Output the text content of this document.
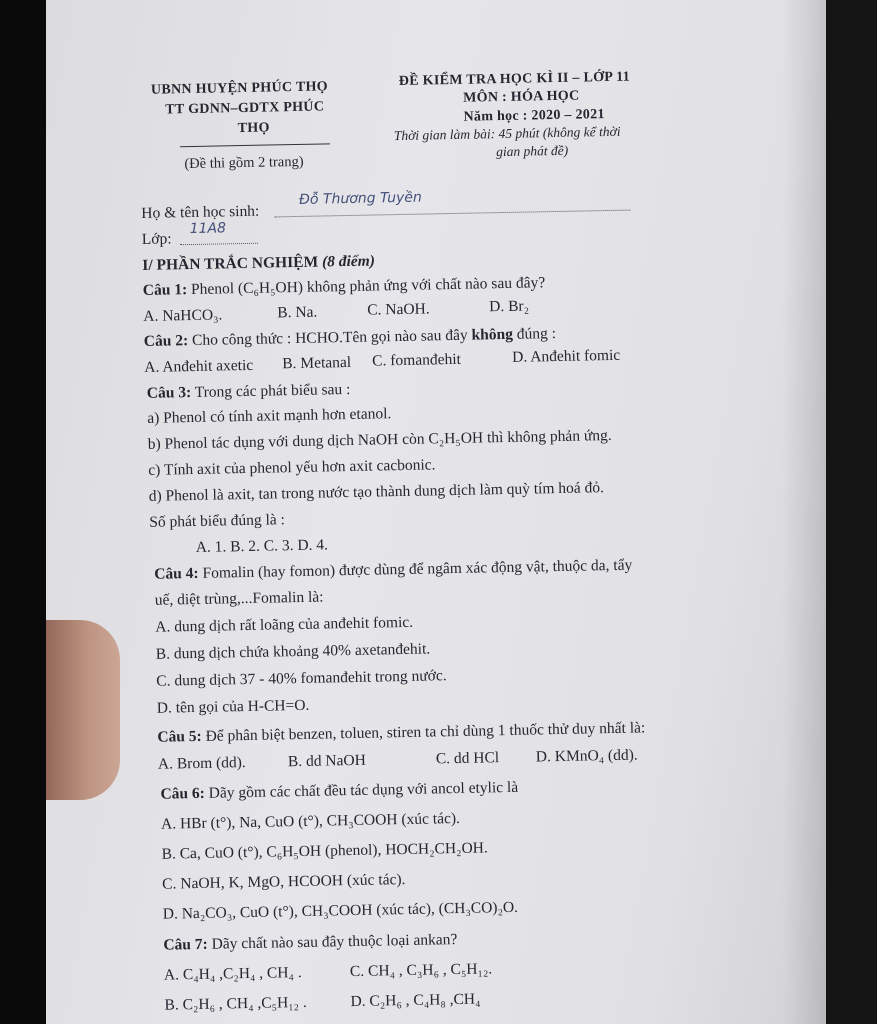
UBNN HUYỆN PHÚC THỌ
TT GDNN–GDTX PHÚC
THỌ
(Đề thi gồm 2 trang)
ĐỀ KIỂM TRA HỌC KÌ II – LỚP 11
MÔN : HÓA HỌC
Năm học : 2020 – 2021
Thời gian làm bài: 45 phút (không kể thời
gian phát đề)
Họ & tên học sinh:
Đỗ Thương Tuyền
Lớp:
11A8
I/ PHẦN TRẮC NGHIỆM (8 điểm)
Câu 1: Phenol (C₆H₅OH) không phản ứng với chất nào sau đây?
A. NaHCO₃.	B. Na.	C. NaOH.	D. Br₂
Câu 2: Cho công thức : HCHO.Tên gọi nào sau đây không đúng :
A. Anđehit axetic B. Metanal C. fomanđehit	D. Anđehit fomic
Câu 3: Trong các phát biểu sau :
a) Phenol có tính axit mạnh hơn etanol.
b) Phenol tác dụng với dung dịch NaOH còn C₂H₅OH thì không phản ứng.
c) Tính axit của phenol yếu hơn axit cacbonic.
d) Phenol là axit, tan trong nước tạo thành dung dịch làm quỳ tím hoá đỏ.
Số phát biểu đúng là :
A. 1. B. 2. C. 3. D. 4.
Câu 4: Fomalin (hay fomon) được dùng để ngâm xác động vật, thuộc da, tẩy
uế, diệt trùng,...Fomalin là:
A. dung dịch rất loãng của anđehit fomic.
B. dung dịch chứa khoảng 40% axetanđehit.
C. dung dịch 37 - 40% fomanđehit trong nước.
D. tên gọi của H-CH=O.
Câu 5: Để phân biệt benzen, toluen, stiren ta chỉ dùng 1 thuốc thử duy nhất là:
A. Brom (dd).	B. dd NaOH	C. dd HCl D. KMnO₄ (dd).
Câu 6: Dãy gồm các chất đều tác dụng với ancol etylic là
A. HBr (t°), Na, CuO (t°), CH₃COOH (xúc tác).
B. Ca, CuO (t°), C₆H₅OH (phenol), HOCH₂CH₂OH.
C. NaOH, K, MgO, HCOOH (xúc tác).
D. Na₂CO₃, CuO (t°), CH₃COOH (xúc tác), (CH₃CO)₂O.
Câu 7: Dãy chất nào sau đây thuộc loại ankan?
A. C₄H₄ ,C₂H₄ , CH₄ .	C. CH₄ , C₃H₆ , C₅H₁₂.
B. C₂H₆ , CH₄ ,C₅H₁₂ .	D. C₂H₆ , C₄H₈ ,CH₄
